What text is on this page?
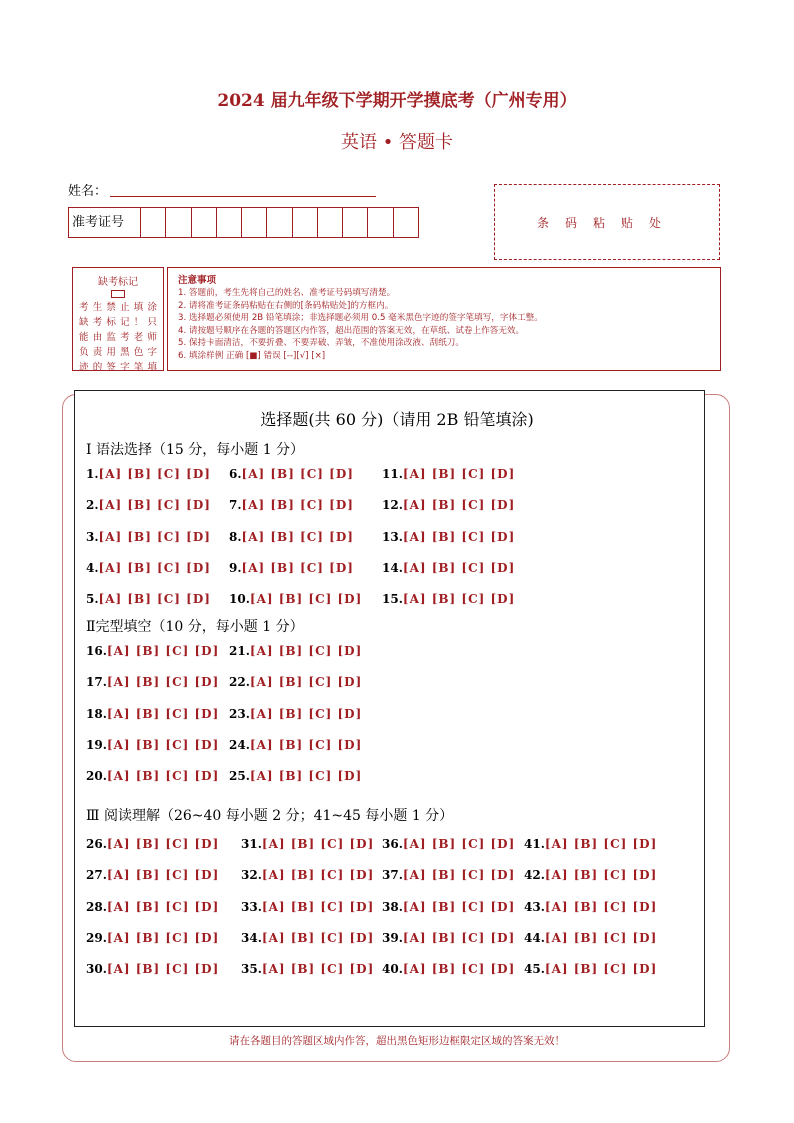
2024 届九年级下学期开学摸底考（广州专用）
英语 • 答题卡
姓名：
准考证号	条码粘贴处
缺考标记
考生禁止填涂
缺考标记！只
能由监考老师
负责用黑色字
迹的签字笔填
注意事项
1. 答题前，考生先将自己的姓名、准考证号码填写清楚。
2. 请将准考证条码粘贴在右侧的[条码粘贴处]的方框内。
3. 选择题必须使用 2B 铅笔填涂；非选择题必须用 0.5 毫米黑色字迹的签字笔填写，字体工整。
4. 请按题号顺序在各题的答题区内作答，超出范围的答案无效，在草纸、试卷上作答无效。
5. 保持卡面清洁，不要折叠、不要弄破、弄皱，不准使用涂改液、刮纸刀。
6. 填涂样例 正确 [■] 错误 [--][√] [×]
选择题(共 60 分)（请用 2B 铅笔填涂)
Ⅰ 语法选择（15 分，每小题 1 分）
1.[A] [B] [C] [D]
2.[A] [B] [C] [D]
3.[A] [B] [C] [D]
4.[A] [B] [C] [D]
5.[A] [B] [C] [D]
6.[A] [B] [C] [D]
7.[A] [B] [C] [D]
8.[A] [B] [C] [D]
9.[A] [B] [C] [D]
10.[A] [B] [C] [D]
11.[A] [B] [C] [D]
12.[A] [B] [C] [D]
13.[A] [B] [C] [D]
14.[A] [B] [C] [D]
15.[A] [B] [C] [D]
Ⅱ完型填空（10 分，每小题 1 分）
16.[A] [B] [C] [D]
17.[A] [B] [C] [D]
18.[A] [B] [C] [D]
19.[A] [B] [C] [D]
20.[A] [B] [C] [D]
21.[A] [B] [C] [D]
22.[A] [B] [C] [D]
23.[A] [B] [C] [D]
24.[A] [B] [C] [D]
25.[A] [B] [C] [D]
Ⅲ 阅读理解（26~40 每小题 2 分；41~45 每小题 1 分）
26.[A] [B] [C] [D]
27.[A] [B] [C] [D]
28.[A] [B] [C] [D]
29.[A] [B] [C] [D]
30.[A] [B] [C] [D]
31.[A] [B] [C] [D]
32.[A] [B] [C] [D]
33.[A] [B] [C] [D]
34.[A] [B] [C] [D]
35.[A] [B] [C] [D]
36.[A] [B] [C] [D]
37.[A] [B] [C] [D]
38.[A] [B] [C] [D]
39.[A] [B] [C] [D]
40.[A] [B] [C] [D]
41.[A] [B] [C] [D]
42.[A] [B] [C] [D]
43.[A] [B] [C] [D]
44.[A] [B] [C] [D]
45.[A] [B] [C] [D]
请在各题目的答题区域内作答，超出黑色矩形边框限定区域的答案无效！
